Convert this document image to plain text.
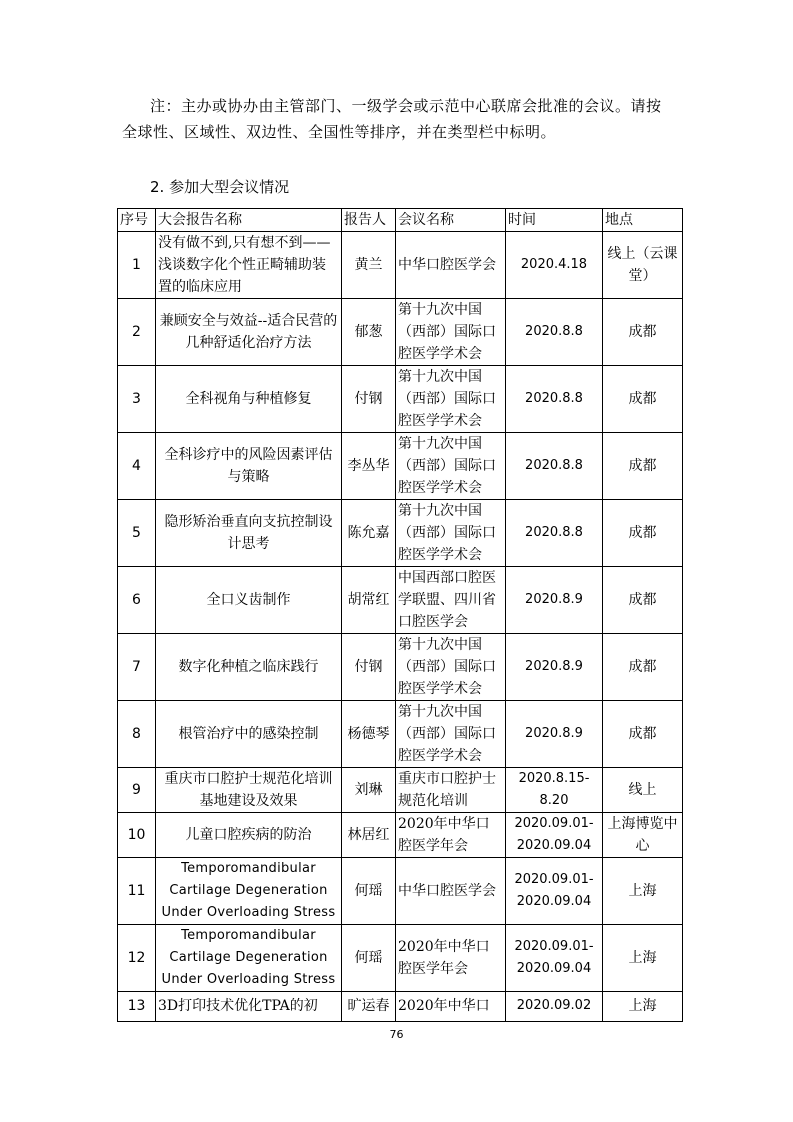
注：主办或协办由主管部门、一级学会或示范中心联席会批准的会议。请按

全球性、区域性、双边性、全国性等排序，并在类型栏中标明。

2. 参加大型会议情况
序号	大会报告名称	报告人	会议名称	时间	地点
1	没有做不到,只有想不到——浅谈数字化个性正畸辅助装置的临床应用	黄兰	中华口腔医学会	2020.4.18	线上（云课堂）
2	兼顾安全与效益--适合民营的几种舒适化治疗方法	郁葱	第十九次中国（西部）国际口腔医学学术会	2020.8.8	成都
3	全科视角与种植修复	付钢	第十九次中国（西部）国际口腔医学学术会	2020.8.8	成都
4	全科诊疗中的风险因素评估与策略	李丛华	第十九次中国（西部）国际口腔医学学术会	2020.8.8	成都
5	隐形矫治垂直向支抗控制设计思考	陈允嘉	第十九次中国（西部）国际口腔医学学术会	2020.8.8	成都
6	全口义齿制作	胡常红	中国西部口腔医学联盟、四川省口腔医学会	2020.8.9	成都
7	数字化种植之临床践行	付钢	第十九次中国（西部）国际口腔医学学术会	2020.8.9	成都
8	根管治疗中的感染控制	杨德琴	第十九次中国（西部）国际口腔医学学术会	2020.8.9	成都
9	重庆市口腔护士规范化培训基地建设及效果	刘琳	重庆市口腔护士规范化培训	2020.8.15-8.20	线上
10	儿童口腔疾病的防治	林居红	2020年中华口腔医学年会	2020.09.01-2020.09.04	上海博览中心
11	Temporomandibular Cartilage Degeneration Under Overloading Stress	何瑶	中华口腔医学会	2020.09.01-2020.09.04	上海
12	Temporomandibular Cartilage Degeneration Under Overloading Stress	何瑶	2020年中华口腔医学年会	2020.09.01-2020.09.04	上海
13	3D打印技术优化TPA的初	旷运春	2020年中华口	2020.09.02	上海
76
